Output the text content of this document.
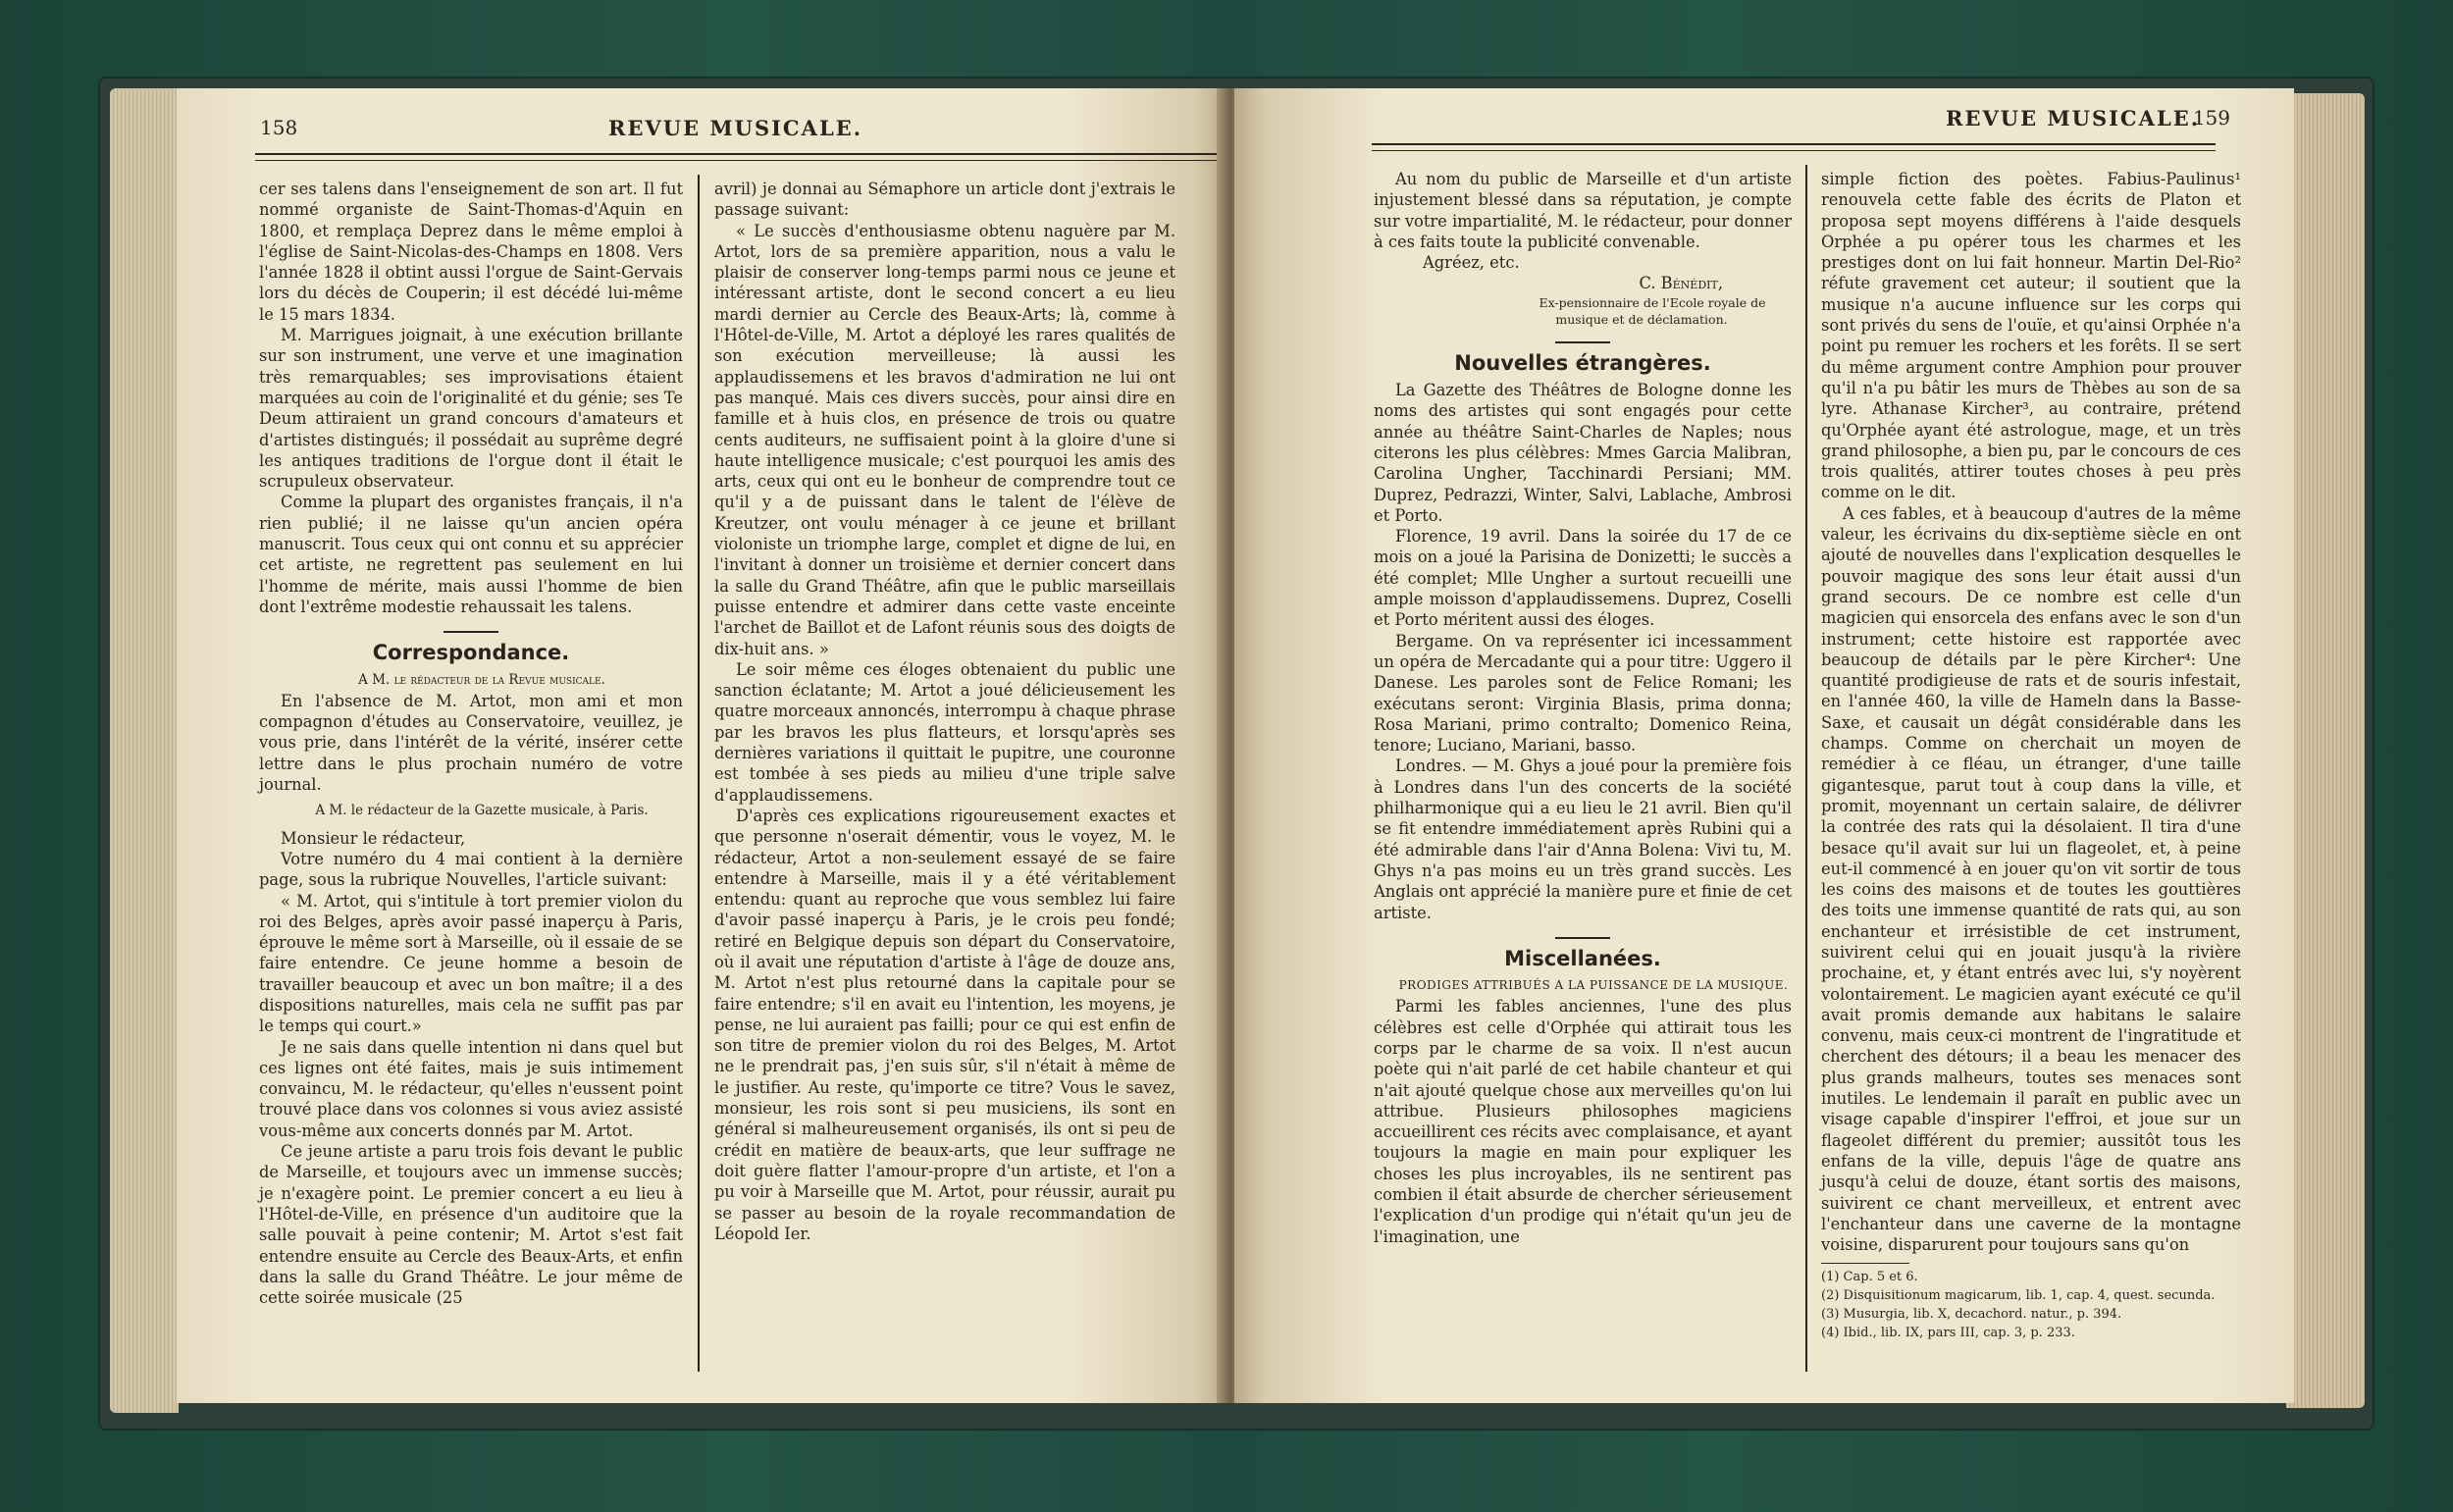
158	REVUE MUSICALE.

cer ses talens dans l'enseignement de son art. Il fut nommé organiste de Saint-Thomas-d'Aquin en 1800, et remplaça Deprez dans le même emploi à l'église de Saint-Nicolas-des-Champs en 1808. Vers l'année 1828 il obtint aussi l'orgue de Saint-Gervais lors du décès de Couperin; il est décédé lui-même le 15 mars 1834.

M. Marrigues joignait, à une exécution brillante sur son instrument, une verve et une imagination très remarquables; ses improvisations étaient marquées au coin de l'originalité et du génie; ses Te Deum attiraient un grand concours d'amateurs et d'artistes distingués; il possédait au suprême degré les antiques traditions de l'orgue dont il était le scrupuleux observateur.

Comme la plupart des organistes français, il n'a rien publié; il ne laisse qu'un ancien opéra manuscrit. Tous ceux qui ont connu et su apprécier cet artiste, ne regrettent pas seulement en lui l'homme de mérite, mais aussi l'homme de bien dont l'extrême modestie rehaussait les talens.

Correspondance.

A M. le rédacteur de la Revue musicale.

En l'absence de M. Artot, mon ami et mon compagnon d'études au Conservatoire, veuillez, je vous prie, dans l'intérêt de la vérité, insérer cette lettre dans le plus prochain numéro de votre journal.

A M. le rédacteur de la Gazette musicale, à Paris.

Monsieur le rédacteur,

Votre numéro du 4 mai contient à la dernière page, sous la rubrique Nouvelles, l'article suivant:

« M. Artot, qui s'intitule à tort premier violon du roi des Belges, après avoir passé inaperçu à Paris, éprouve le même sort à Marseille, où il essaie de se faire entendre. Ce jeune homme a besoin de travailler beaucoup et avec un bon maître; il a des dispositions naturelles, mais cela ne suffit pas par le temps qui court.»

Je ne sais dans quelle intention ni dans quel but ces lignes ont été faites, mais je suis intimement convaincu, M. le rédacteur, qu'elles n'eussent point trouvé place dans vos colonnes si vous aviez assisté vous-même aux concerts donnés par M. Artot.

Ce jeune artiste a paru trois fois devant le public de Marseille, et toujours avec un immense succès; je n'exagère point. Le premier concert a eu lieu à l'Hôtel-de-Ville, en présence d'un auditoire que la salle pouvait à peine contenir; M. Artot s'est fait entendre ensuite au Cercle des Beaux-Arts, et enfin dans la salle du Grand Théâtre. Le jour même de cette soirée musicale (25

avril) je donnai au Sémaphore un article dont j'extrais le passage suivant:

« Le succès d'enthousiasme obtenu naguère par M. Artot, lors de sa première apparition, nous a valu le plaisir de conserver long-temps parmi nous ce jeune et intéressant artiste, dont le second concert a eu lieu mardi dernier au Cercle des Beaux-Arts; là, comme à l'Hôtel-de-Ville, M. Artot a déployé les rares qualités de son exécution merveilleuse; là aussi les applaudissemens et les bravos d'admiration ne lui ont pas manqué. Mais ces divers succès, pour ainsi dire en famille et à huis clos, en présence de trois ou quatre cents auditeurs, ne suffisaient point à la gloire d'une si haute intelligence musicale; c'est pourquoi les amis des arts, ceux qui ont eu le bonheur de comprendre tout ce qu'il y a de puissant dans le talent de l'élève de Kreutzer, ont voulu ménager à ce jeune et brillant violoniste un triomphe large, complet et digne de lui, en l'invitant à donner un troisième et dernier concert dans la salle du Grand Théâtre, afin que le public marseillais puisse entendre et admirer dans cette vaste enceinte l'archet de Baillot et de Lafont réunis sous des doigts de dix-huit ans. »

Le soir même ces éloges obtenaient du public une sanction éclatante; M. Artot a joué délicieusement les quatre morceaux annoncés, interrompu à chaque phrase par les bravos les plus flatteurs, et lorsqu'après ses dernières variations il quittait le pupitre, une couronne est tombée à ses pieds au milieu d'une triple salve d'applaudissemens.

D'après ces explications rigoureusement exactes et que personne n'oserait démentir, vous le voyez, M. le rédacteur, Artot a non-seulement essayé de se faire entendre à Marseille, mais il y a été véritablement entendu: quant au reproche que vous semblez lui faire d'avoir passé inaperçu à Paris, je le crois peu fondé; retiré en Belgique depuis son départ du Conservatoire, où il avait une réputation d'artiste à l'âge de douze ans, M. Artot n'est plus retourné dans la capitale pour se faire entendre; s'il en avait eu l'intention, les moyens, je pense, ne lui auraient pas failli; pour ce qui est enfin de son titre de premier violon du roi des Belges, M. Artot ne le prendrait pas, j'en suis sûr, s'il n'était à même de le justifier. Au reste, qu'importe ce titre? Vous le savez, monsieur, les rois sont si peu musiciens, ils sont en général si malheureusement organisés, ils ont si peu de crédit en matière de beaux-arts, que leur suffrage ne doit guère flatter l'amour-propre d'un artiste, et l'on a pu voir à Marseille que M. Artot, pour réussir, aurait pu se passer au besoin de la royale recommandation de Léopold Ier.

REVUE MUSICALE.
159

Au nom du public de Marseille et d'un artiste injustement blessé dans sa réputation, je compte sur votre impartialité, M. le rédacteur, pour donner à ces faits toute la publicité convenable.

Agréez, etc.

C. Bénédit,

Ex-pensionnaire de l'Ecole royale de musique et de déclamation.

Nouvelles étrangères.

La Gazette des Théâtres de Bologne donne les noms des artistes qui sont engagés pour cette année au théâtre Saint-Charles de Naples; nous citerons les plus célèbres: Mmes Garcia Malibran, Carolina Ungher, Tacchinardi Persiani; MM. Duprez, Pedrazzi, Winter, Salvi, Lablache, Ambrosi et Porto.

Florence, 19 avril. Dans la soirée du 17 de ce mois on a joué la Parisina de Donizetti; le succès a été complet; Mlle Ungher a surtout recueilli une ample moisson d'applaudissemens. Duprez, Coselli et Porto méritent aussi des éloges.

Bergame. On va représenter ici incessamment un opéra de Mercadante qui a pour titre: Uggero il Danese. Les paroles sont de Felice Romani; les exécutans seront: Virginia Blasis, prima donna; Rosa Mariani, primo contralto; Domenico Reina, tenore; Luciano, Mariani, basso.

Londres. — M. Ghys a joué pour la première fois à Londres dans l'un des concerts de la société philharmonique qui a eu lieu le 21 avril. Bien qu'il se fit entendre immédiatement après Rubini qui a été admirable dans l'air d'Anna Bolena: Vivi tu, M. Ghys n'a pas moins eu un très grand succès. Les Anglais ont apprécié la manière pure et finie de cet artiste.

Miscellanées.

PRODIGES ATTRIBUÉS A LA PUISSANCE DE LA MUSIQUE.

Parmi les fables anciennes, l'une des plus célèbres est celle d'Orphée qui attirait tous les corps par le charme de sa voix. Il n'est aucun poète qui n'ait parlé de cet habile chanteur et qui n'ait ajouté quelque chose aux merveilles qu'on lui attribue. Plusieurs philosophes magiciens accueillirent ces récits avec complaisance, et ayant toujours la magie en main pour expliquer les choses les plus incroyables, ils ne sentirent pas combien il était absurde de chercher sérieusement l'explication d'un prodige qui n'était qu'un jeu de l'imagination, une

simple fiction des poètes. Fabius-Paulinus¹ renouvela cette fable des écrits de Platon et proposa sept moyens différens à l'aide desquels Orphée a pu opérer tous les charmes et les prestiges dont on lui fait honneur. Martin Del-Rio² réfute gravement cet auteur; il soutient que la musique n'a aucune influence sur les corps qui sont privés du sens de l'ouïe, et qu'ainsi Orphée n'a point pu remuer les rochers et les forêts. Il se sert du même argument contre Amphion pour prouver qu'il n'a pu bâtir les murs de Thèbes au son de sa lyre. Athanase Kircher³, au contraire, prétend qu'Orphée ayant été astrologue, mage, et un très grand philosophe, a bien pu, par le concours de ces trois qualités, attirer toutes choses à peu près comme on le dit.

A ces fables, et à beaucoup d'autres de la même valeur, les écrivains du dix-septième siècle en ont ajouté de nouvelles dans l'explication desquelles le pouvoir magique des sons leur était aussi d'un grand secours. De ce nombre est celle d'un magicien qui ensorcela des enfans avec le son d'un instrument; cette histoire est rapportée avec beaucoup de détails par le père Kircher⁴: Une quantité prodigieuse de rats et de souris infestait, en l'année 460, la ville de Hameln dans la Basse-Saxe, et causait un dégât considérable dans les champs. Comme on cherchait un moyen de remédier à ce fléau, un étranger, d'une taille gigantesque, parut tout à coup dans la ville, et promit, moyennant un certain salaire, de délivrer la contrée des rats qui la désolaient. Il tira d'une besace qu'il avait sur lui un flageolet, et, à peine eut-il commencé à en jouer qu'on vit sortir de tous les coins des maisons et de toutes les gouttières des toits une immense quantité de rats qui, au son enchanteur et irrésistible de cet instrument, suivirent celui qui en jouait jusqu'à la rivière prochaine, et, y étant entrés avec lui, s'y noyèrent volontairement. Le magicien ayant exécuté ce qu'il avait promis demande aux habitans le salaire convenu, mais ceux-ci montrent de l'ingratitude et cherchent des détours; il a beau les menacer des plus grands malheurs, toutes ses menaces sont inutiles. Le lendemain il paraît en public avec un visage capable d'inspirer l'effroi, et joue sur un flageolet différent du premier; aussitôt tous les enfans de la ville, depuis l'âge de quatre ans jusqu'à celui de douze, étant sortis des maisons, suivirent ce chant merveilleux, et entrent avec l'enchanteur dans une caverne de la montagne voisine, disparurent pour toujours sans qu'on

(1) Cap. 5 et 6.

(2) Disquisitionum magicarum, lib. 1, cap. 4, quest. secunda.

(3) Musurgia, lib. X, decachord. natur., p. 394.

(4) Ibid., lib. IX, pars III, cap. 3, p. 233.
